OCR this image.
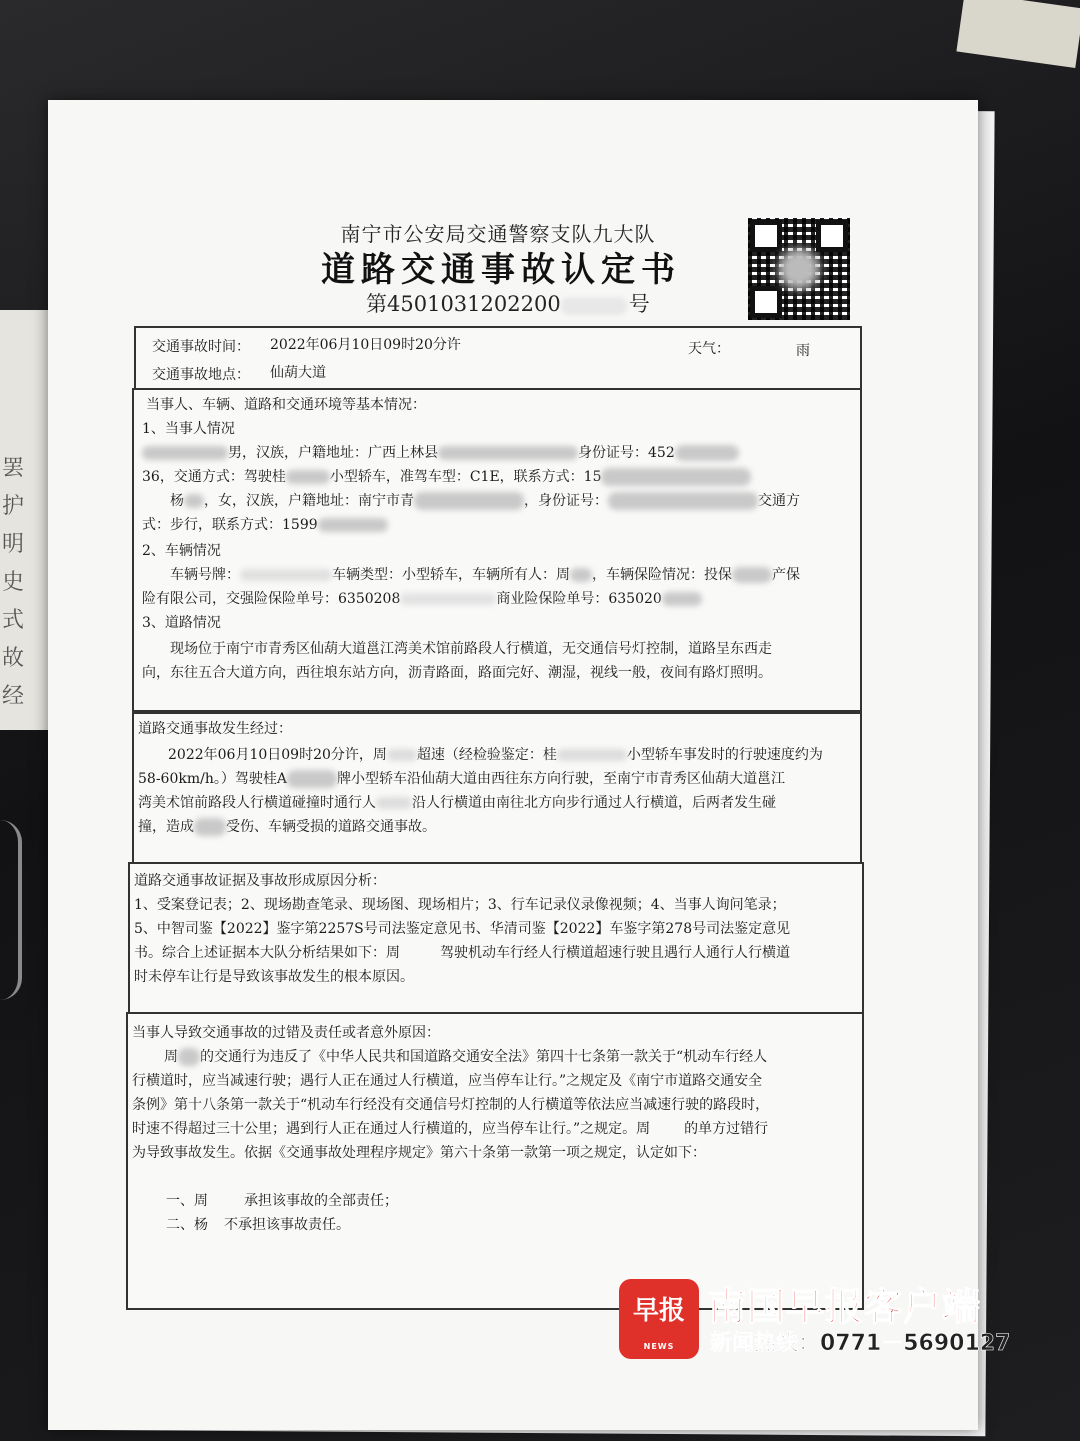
罢 护 明 史 式 故 经
南宁市公安局交通警察支队九大队
道路交通事故认定书
第4501031202200	号
交通事故时间： 2022年06月10日09时20分许	天气：	雨
交通事故地点： 仙葫大道
当事人、车辆、道路和交通环境等基本情况：
1、当事人情况
男，汉族，户籍地址：广西上林县	身份证号：452
36，交通方式：驾驶桂	小型轿车，准驾车型：C1E，联系方式：15
杨 ，女，汉族，户籍地址：南宁市青	，身份证号：	交通方
式：步行，联系方式：1599
2、车辆情况
车辆号牌：	车辆类型：小型轿车，车辆所有人：周 ，车辆保险情况：投保	产保
险有限公司，交强险保险单号：6350208	商业险保险单号：635020
3、道路情况
现场位于南宁市青秀区仙葫大道邕江湾美术馆前路段人行横道，无交通信号灯控制，道路呈东西走
向，东往五合大道方向，西往埌东站方向，沥青路面，路面完好、潮湿，视线一般，夜间有路灯照明。
道路交通事故发生经过：
2022年06月10日09时20分许，周 超速（经检验鉴定：桂	小型轿车事发时的行驶速度约为
58-60km/h。）驾驶桂A	牌小型轿车沿仙葫大道由西往东方向行驶，至南宁市青秀区仙葫大道邕江
湾美术馆前路段人行横道碰撞时通行人	沿人行横道由南往北方向步行通过人行横道，后两者发生碰
撞，造成 受伤、车辆受损的道路交通事故。
道路交通事故证据及事故形成原因分析：
1、受案登记表；2、现场勘查笔录、现场图、现场相片；3、行车记录仪录像视频；4、当事人询问笔录；
5、中智司鉴【2022】鉴字第2257S号司法鉴定意见书、华清司鉴【2022】车鉴字第278号司法鉴定意见
书。综合上述证据本大队分析结果如下：周	驾驶机动车行经人行横道超速行驶且遇行人通行人行横道
时未停车让行是导致该事故发生的根本原因。
当事人导致交通事故的过错及责任或者意外原因：
周 的交通行为违反了《中华人民共和国道路交通安全法》第四十七条第一款关于“机动车行经人
行横道时，应当减速行驶；遇行人正在通过人行横道，应当停车让行。”之规定及《南宁市道路交通安全
条例》第十八条第一款关于“机动车行经没有交通信号灯控制的人行横道等依法应当减速行驶的路段时，
时速不得超过三十公里；遇到行人正在通过人行横道的，应当停车让行。”之规定。周 的单方过错行
为导致事故发生。依据《交通事故处理程序规定》第六十条第一款第一项之规定，认定如下：
一、周	承担该事故的全部责任；
二、杨 不承担该事故责任。
早报
NEWS
南国早报客户端
新闻热线：0771－5690127
